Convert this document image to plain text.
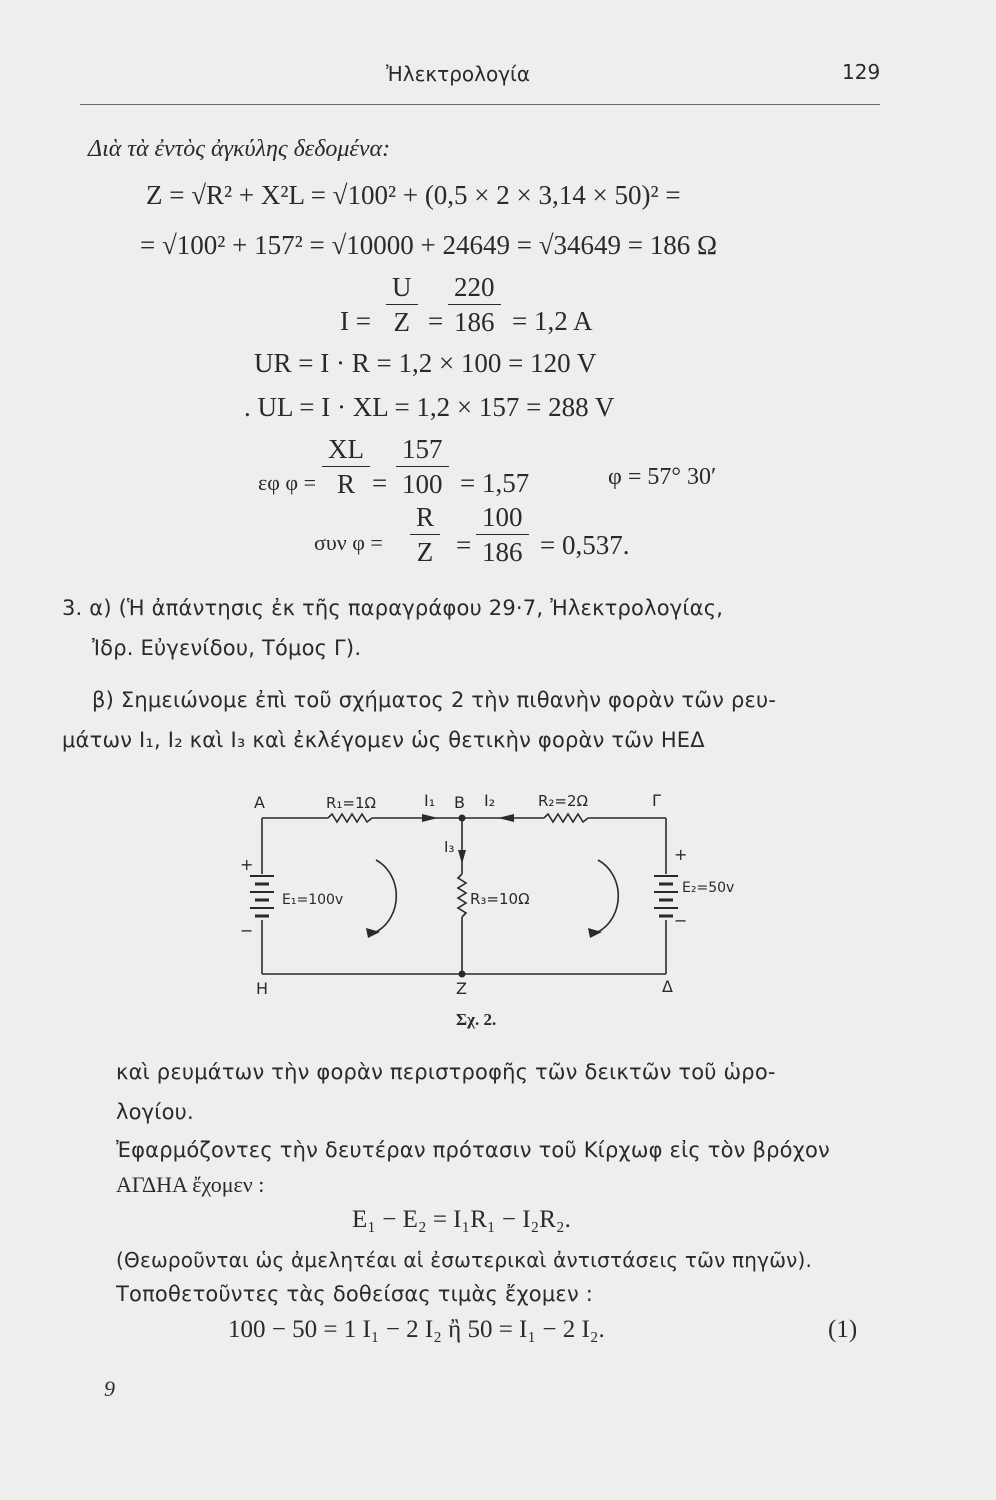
Ἠλεκτρολογία	129
Διὰ τὰ ἐντὸς ἀγκύλης δεδομένα:
Z = √R² + X²L = √100² + (0,5 × 2 × 3,14 × 50)² =
= √100² + 157² = √10000 + 24649 = √34649 = 186 Ω
$I = \frac{U}{Z} = \frac{220}{186} = 1,2$ A
UR = I · R = 1,2 × 100 = 120 V
. UL = I · XL = 1,2 × 157 = 288 V
εφ $\varphi = \frac{XL}{R} = \frac{157}{100} = 1,57$	φ = 57° 30′
συν $\varphi = \frac{R}{Z} = \frac{100}{186} = 0,537$.
3. α) (Ἡ ἀπάντησις ἐκ τῆς παραγράφου 29·7, Ἠλεκτρολογίας,
Ἰδρ. Εὐγενίδου, Τόμος Γ).
β) Σημειώνομε ἐπὶ τοῦ σχήματος 2 τὴν πιθανὴν φορὰν τῶν ρευ-
μάτων I₁, I₂ καὶ I₃ καὶ ἐκλέγομεν ὡς θετικὴν φορὰν τῶν ΗΕΔ
A	B	Γ
H	Z	Δ
R₁=1Ω	R₂=2Ω
R₃=10Ω
I₁	I₂
I₃
E₁=100v
E₂=50v
+
−
+
−
Σχ. 2.
καὶ ρευμάτων τὴν φορὰν περιστροφῆς τῶν δεικτῶν τοῦ ὡρο-
λογίου.
Ἐφαρμόζοντες τὴν δευτέραν πρότασιν τοῦ Κίρχωφ εἰς τὸν βρόχον
ΑΓΔΗΑ ἔχομεν :
E₁ − E₂ = I₁R₁ − I₂R₂.
(Θεωροῦνται ὡς ἀμελητέαι αἱ ἐσωτερικαὶ ἀντιστάσεις τῶν πηγῶν).
Τοποθετοῦντες τὰς δοθείσας τιμὰς ἔχομεν :
100 − 50 = 1 I₁ − 2 I₂ ἢ 50 = I₁ − 2 I₂.	(1)
9
